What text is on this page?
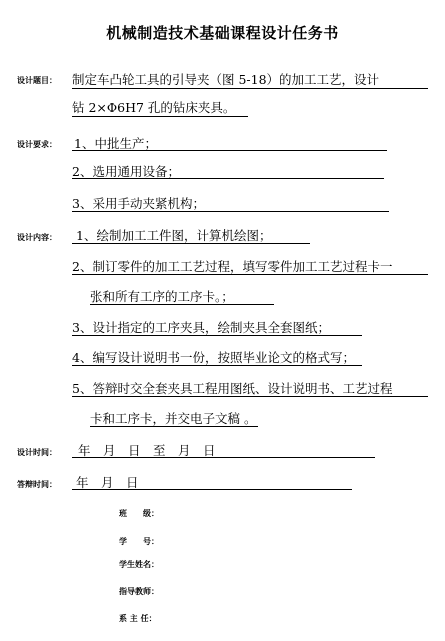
机械制造技术基础课程设计任务书
设计题目： 制定车凸轮工具的引导夹（图 5-18）的加工工艺，设计
钻 2×Φ6H7 孔的钻床夹具。
设计要求： 1、中批生产；
2、选用通用设备；
3、采用手动夹紧机构；
设计内容： 1、绘制加工工件图，计算机绘图；
2、制订零件的加工工艺过程，填写零件加工工艺过程卡一
张和所有工序的工序卡。；
3、设计指定的工序夹具，绘制夹具全套图纸；
4、编写设计说明书一份，按照毕业论文的格式写；
5、答辩时交全套夹具工程用图纸、设计说明书、工艺过程
卡和工序卡，并交电子文稿 。
设计时间： 年　月　日　至　月　日
答辩时间： 年　月　日
班　　级：
学　　号：
学生姓名：
指导教师：
系 主 任：
